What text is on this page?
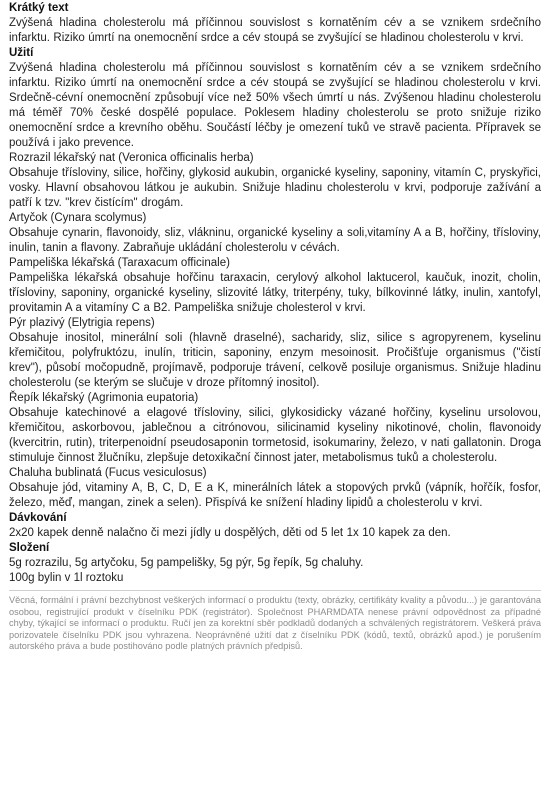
Krátký text

Zvýšená hladina cholesterolu má příčinnou souvislost s kornatěním cév a se vznikem srdečního infarktu. Riziko úmrtí na onemocnění srdce a cév stoupá se zvyšující se hladinou cholesterolu v krvi.

Užití

Zvýšená hladina cholesterolu má příčinnou souvislost s kornatěním cév a se vznikem srdečního infarktu. Riziko úmrtí na onemocnění srdce a cév stoupá se zvyšující se hladinou cholesterolu v krvi. Srdečně-cévní onemocnění způsobují více než 50% všech úmrtí u nás. Zvýšenou hladinu cholesterolu má téměř 70% české dospělé populace. Poklesem hladiny cholesterolu se proto snižuje riziko onemocnění srdce a krevního oběhu. Součástí léčby je omezení tuků ve stravě pacienta. Přípravek se používá i jako prevence.

Rozrazil lékařský nat (Veronica officinalis herba)

Obsahuje třísloviny, silice, hořčiny, glykosid aukubin, organické kyseliny, saponiny, vitamín C, pryskyřici, vosky. Hlavní obsahovou látkou je aukubin. Snižuje hladinu cholesterolu v krvi, podporuje zažívání a patří k tzv. "krev čistícím" drogám.

Artyčok (Cynara scolymus)

Obsahuje cynarin, flavonoidy, sliz, vlákninu, organické kyseliny a soli,vitamíny A a B, hořčiny, třísloviny, inulin, tanin a flavony. Zabraňuje ukládání cholesterolu v cévách.

Pampeliška lékařská (Taraxacum officinale)

Pampeliška lékařská obsahuje hořčinu taraxacin, cerylový alkohol laktucerol, kaučuk, inozit, cholin, třísloviny, saponiny, organické kyseliny, slizovité látky, triterpény, tuky, bílkovinné látky, inulin, xantofyl, provitamin A a vitamíny C a B2. Pampeliška snižuje cholesterol v krvi.

Pýr plazivý (Elytrigia repens)

Obsahuje inositol, minerální soli (hlavně draselné), sacharidy, sliz, silice s agropyrenem, kyselinu křemičitou, polyfruktózu, inulín, triticin, saponiny, enzym mesoinosit. Pročišťuje organismus ("čistí krev"), působí močopudně, projímavě, podporuje trávení, celkově posiluje organismus. Snižuje hladinu cholesterolu (se kterým se slučuje v droze přítomný inositol).

Řepík lékařský (Agrimonia eupatoria)

Obsahuje katechinové a elagové třísloviny, silici, glykosidicky vázané hořčiny, kyselinu ursolovou, křemičitou, askorbovou, jablečnou a citrónovou, silicinamid kyseliny nikotinové, cholin, flavonoidy (kvercitrin, rutin), triterpenoidní pseudosaponin tormetosid, isokumariny, železo, v nati gallatonin. Droga stimuluje činnost žlučníku, zlepšuje detoxikační činnost jater, metabolismus tuků a cholesterolu.

Chaluha bublinatá (Fucus vesiculosus)

Obsahuje jód, vitaminy A, B, C, D, E a K, minerálních látek a stopových prvků (vápník, hořčík, fosfor, železo, měď, mangan, zinek a selen). Přispívá ke snížení hladiny lipidů a cholesterolu v krvi.

Dávkování

2x20 kapek denně nalačno či mezi jídly u dospělých, děti od 5 let 1x 10 kapek za den.

Složení

5g rozrazilu, 5g artyčoku, 5g pampelišky, 5g pýr, 5g řepík, 5g chaluhy.

100g bylin v 1l roztoku

Věcná, formální i právní bezchybnost veškerých informací o produktu (texty, obrázky, certifikáty kvality a původu...) je garantována osobou, registrující produkt v číselníku PDK (registrátor). Společnost PHARMDATA nenese právní odpovědnost za případné chyby, týkající se informací o produktu. Ručí jen za korektní sběr podkladů dodaných a schválených registrátorem. Veškerá práva porizovatele číselníku PDK jsou vyhrazena. Neoprávněné užití dat z číselníku PDK (kódů, textů, obrázků apod.) je porušením autorského práva a bude postihováno podle platných právních předpisů.
